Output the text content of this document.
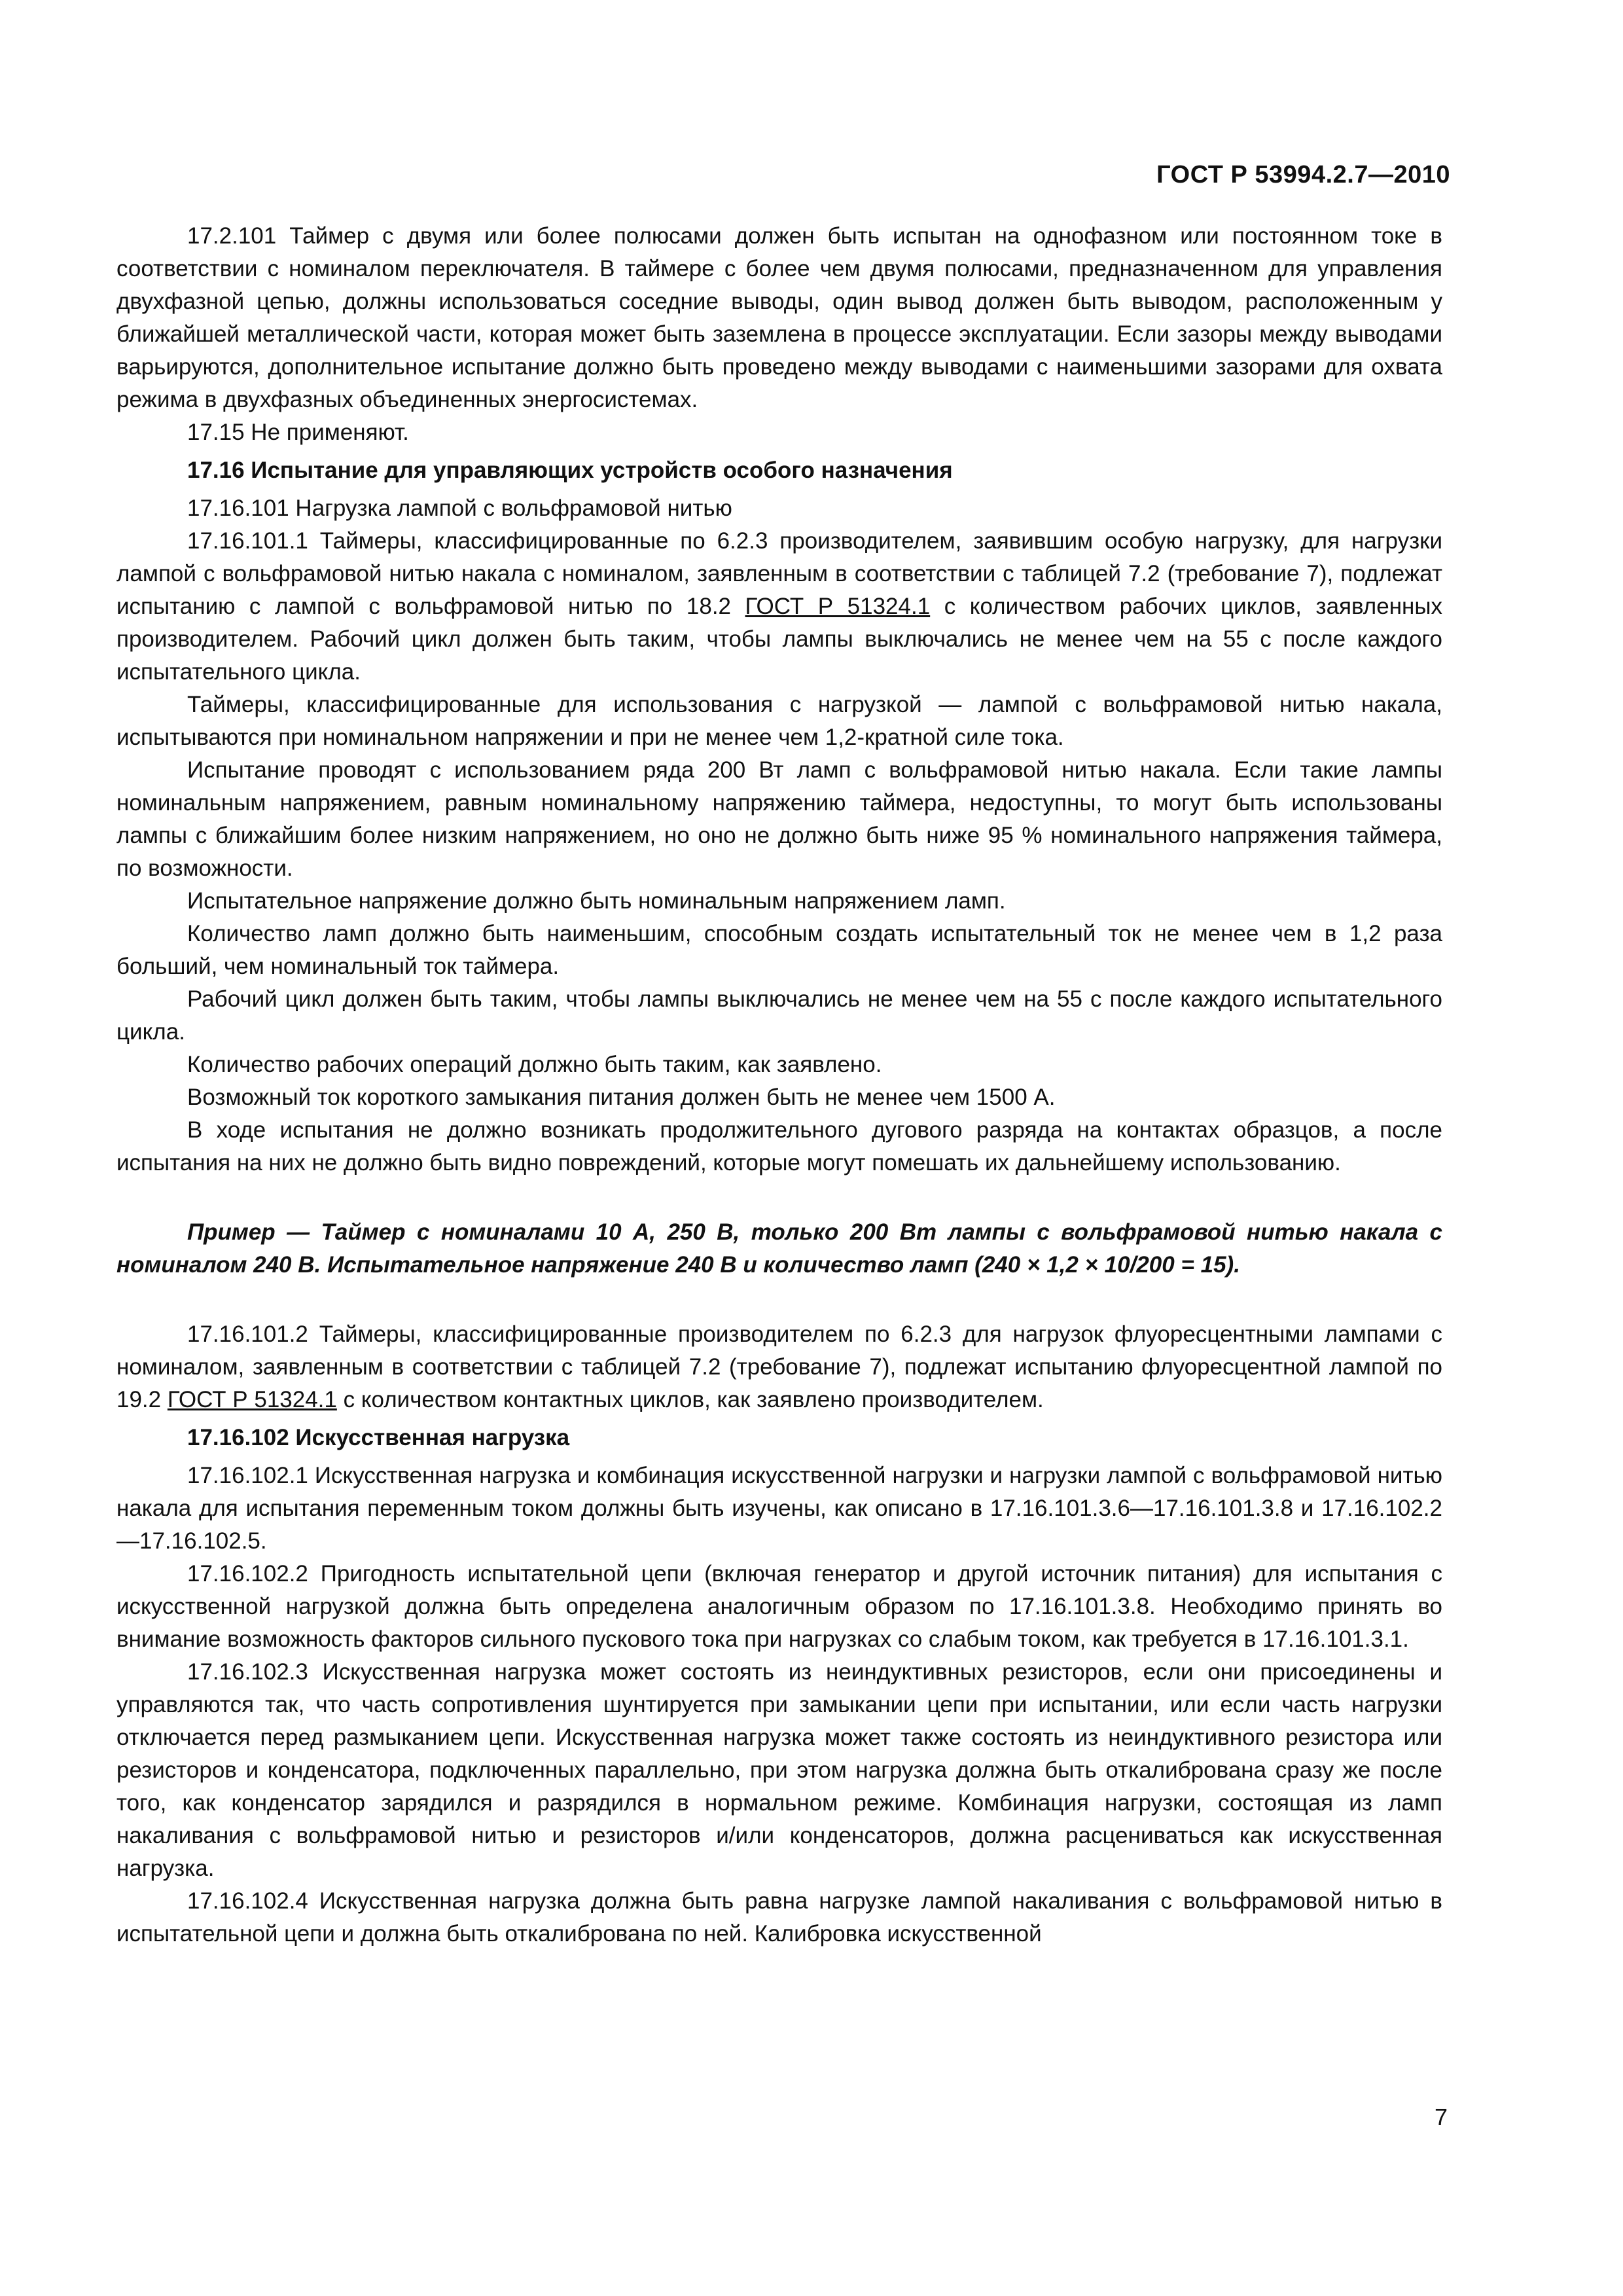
ГОСТ Р 53994.2.7—2010

17.2.101 Таймер с двумя или более полюсами должен быть испытан на однофазном или постоянном токе в соответствии с номиналом переключателя. В таймере с более чем двумя полюсами, предназначенном для управления двухфазной цепью, должны использоваться соседние выводы, один вывод должен быть выводом, расположенным у ближайшей металлической части, которая может быть заземлена в процессе эксплуатации. Если зазоры между выводами варьируются, дополнительное испытание должно быть проведено между выводами с наименьшими зазорами для охвата режима в двухфазных объединенных энергосистемах.

17.15 Не применяют.

17.16 Испытание для управляющих устройств особого назначения

17.16.101 Нагрузка лампой с вольфрамовой нитью

17.16.101.1 Таймеры, классифицированные по 6.2.3 производителем, заявившим особую нагрузку, для нагрузки лампой с вольфрамовой нитью накала с номиналом, заявленным в соответствии с таблицей 7.2 (требование 7), подлежат испытанию с лампой с вольфрамовой нитью по 18.2 ГОСТ Р 51324.1 с количеством рабочих циклов, заявленных производителем. Рабочий цикл должен быть таким, чтобы лампы выключались не менее чем на 55 с после каждого испытательного цикла.

Таймеры, классифицированные для использования с нагрузкой — лампой с вольфрамовой нитью накала, испытываются при номинальном напряжении и при не менее чем 1,2-кратной силе тока.

Испытание проводят с использованием ряда 200 Вт ламп с вольфрамовой нитью накала. Если такие лампы номинальным напряжением, равным номинальному напряжению таймера, недоступны, то могут быть использованы лампы с ближайшим более низким напряжением, но оно не должно быть ниже 95 % номинального напряжения таймера, по возможности.

Испытательное напряжение должно быть номинальным напряжением ламп.

Количество ламп должно быть наименьшим, способным создать испытательный ток не менее чем в 1,2 раза больший, чем номинальный ток таймера.

Рабочий цикл должен быть таким, чтобы лампы выключались не менее чем на 55 с после каждого испытательного цикла.

Количество рабочих операций должно быть таким, как заявлено.

Возможный ток короткого замыкания питания должен быть не менее чем 1500 А.

В ходе испытания не должно возникать продолжительного дугового разряда на контактах образцов, а после испытания на них не должно быть видно повреждений, которые могут помешать их дальнейшему использованию.

Пример — Таймер с номиналами 10 А, 250 В, только 200 Вт лампы с вольфрамовой нитью накала с номиналом 240 В. Испытательное напряжение 240 В и количество ламп (240 × 1,2 × 10/200 = 15).

17.16.101.2 Таймеры, классифицированные производителем по 6.2.3 для нагрузок флуоресцентными лампами с номиналом, заявленным в соответствии с таблицей 7.2 (требование 7), подлежат испытанию флуоресцентной лампой по 19.2 ГОСТ Р 51324.1 с количеством контактных циклов, как заявлено производителем.

17.16.102 Искусственная нагрузка

17.16.102.1 Искусственная нагрузка и комбинация искусственной нагрузки и нагрузки лампой с вольфрамовой нитью накала для испытания переменным током должны быть изучены, как описано в 17.16.101.3.6—17.16.101.3.8 и 17.16.102.2—17.16.102.5.

17.16.102.2 Пригодность испытательной цепи (включая генератор и другой источник питания) для испытания с искусственной нагрузкой должна быть определена аналогичным образом по 17.16.101.3.8. Необходимо принять во внимание возможность факторов сильного пускового тока при нагрузках со слабым током, как требуется в 17.16.101.3.1.

17.16.102.3 Искусственная нагрузка может состоять из неиндуктивных резисторов, если они присоединены и управляются так, что часть сопротивления шунтируется при замыкании цепи при испытании, или если часть нагрузки отключается перед размыканием цепи. Искусственная нагрузка может также состоять из неиндуктивного резистора или резисторов и конденсатора, подключенных параллельно, при этом нагрузка должна быть откалибрована сразу же после того, как конденсатор зарядился и разрядился в нормальном режиме. Комбинация нагрузки, состоящая из ламп накаливания с вольфрамовой нитью и резисторов и/или конденсаторов, должна расцениваться как искусственная нагрузка.

17.16.102.4 Искусственная нагрузка должна быть равна нагрузке лампой накаливания с вольфрамовой нитью в испытательной цепи и должна быть откалибрована по ней. Калибровка искусственной

7
